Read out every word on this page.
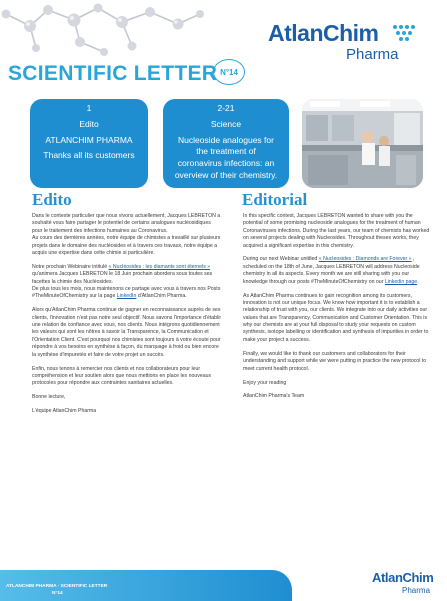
AtlanChim
Pharma
SCIENTIFIC LETTER N°14

1

Edito

ATLANCHIM PHARMA

Thanks all its customers

2-21

Science

Nucleoside analogues for

the treatment of

coronavirus infections: an

overview of their chemistry.

Edito	Editorial

Dans le contexte particulier que nous vivons actuellement, Jacques LEBRETON a souhaité vous faire partager le potentiel de certains analogues nucléosidiques pour le traitement des infections humaines au Coronavirus.
Au cours des dernières années, notre équipe de chimistes a travaillé sur plusieurs projets dans le domaine des nucléosides et à travers ces travaux, notre équipe a acquis une expertise dans cette chimie si particulière.

Notre prochain Webinaire intitulé « Nucléosides : les diamants sont éternels » qu'animera Jacques LEBRETON le 18 Juin prochain abordera sous toutes ses facettes la chimie des Nucléosides.
De plus tous les mois, nous maintenons ce partage avec vous à travers nos Posts #TheMinuteOfChemistry sur la page LinkedIn d'AtlanChim Pharma.

Alors qu'AtlanChim Pharma continue de gagner en reconnaissance auprès de ses clients, l'innovation n'est pas notre seul objectif. Nous savons l'importance d'établir une relation de confiance avec vous, nos clients. Nous intégrons quotidiennement les valeurs qui sont les nôtres à savoir la Transparence, la Communication et l'Orientation Client. C'est pourquoi nos chimistes sont toujours à votre écoute pour répondre à vos besoins en synthèse à façon, du marquage à froid ou bien encore la synthèse d'impuretés et faire de votre projet un succès.

Enfin, nous tenons à remercier nos clients et nos collaborateurs pour leur compréhension et leur soutien alors que nous mettions en place les nouveaux protocoles pour répondre aux contraintes sanitaires actuelles.

Bonne lecture,

L'équipe AtlanChim Pharma

In this specific context, Jacques LEBRETON wanted to share with you the potential of some promising nucleoside analogues for the treatment of human Coronaviruses infections. During the last years, our team of chemists has worked on several projects dealing with Nucleosides. Throughout theses works, they acquired a significant expertise in this chemistry.

During our next Webinar untitled « Nucleosides : Diamonds are Forever » , scheduled on the 18th of June, Jacques LEBRETON will address Nucleoside chemistry in all its aspects. Every month we are still sharing with you our knowledge through our posts #TheMinuteOfChemistry on our Linkedin page.

As AtlanChim Pharma continues to gain recognition among its customers, innovation is not our unique focus. We know how important it is to establish a relationship of trust with you, our clients. We integrate into our daily activities our values that are Transparency, Communication and Customer Orientation. This is why our chemists are at your full disposal to study your requests on custom synthesis, isotope labelling or identification and synthesis of impurities in order to make your project a success.

Finally, we would like to thank our customers and collaborators for their understanding and support while we were putting in practice the new protocol to meet current health protocol.

Enjoy your reading

AtlanChim Pharma's Team

ATLANCHIM PHARMA - SCIENTIFIC LETTER
N°14
AtlanChim
Pharma
